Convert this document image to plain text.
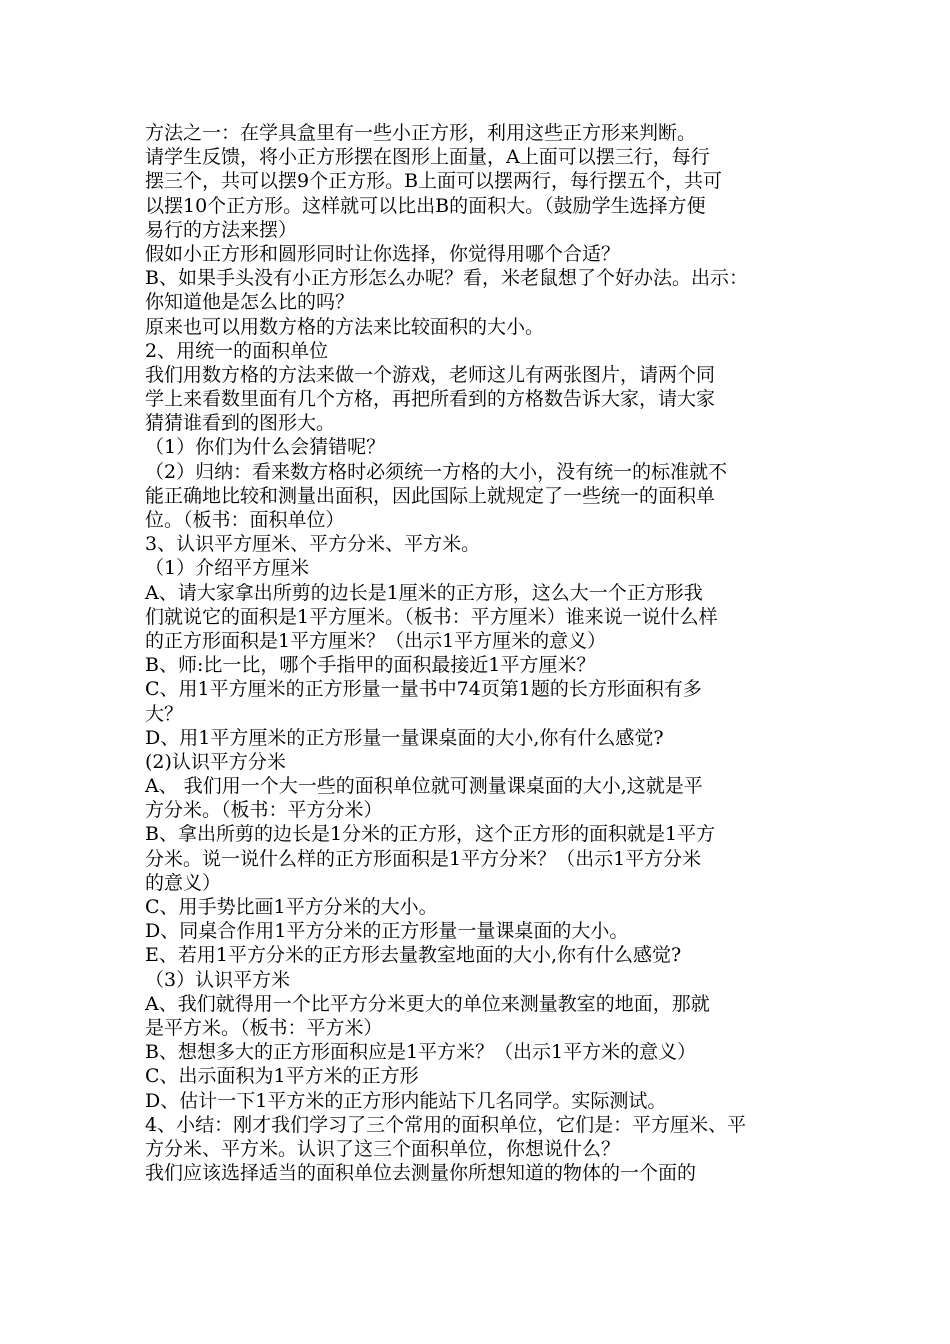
方法之一：在学具盒里有一些小正方形，利用这些正方形来判断。
请学生反馈，将小正方形摆在图形上面量，A上面可以摆三行，每行
摆三个，共可以摆9个正方形。B上面可以摆两行，每行摆五个，共可
以摆10个正方形。这样就可以比出B的面积大。（鼓励学生选择方便
易行的方法来摆）
假如小正方形和圆形同时让你选择，你觉得用哪个合适？
B、如果手头没有小正方形怎么办呢？看，米老鼠想了个好办法。出示：
你知道他是怎么比的吗？
原来也可以用数方格的方法来比较面积的大小。
2、用统一的面积单位
我们用数方格的方法来做一个游戏，老师这儿有两张图片，请两个同
学上来看数里面有几个方格，再把所看到的方格数告诉大家，请大家
猜猜谁看到的图形大。
（1）你们为什么会猜错呢？
（2）归纳：看来数方格时必须统一方格的大小，没有统一的标准就不
能正确地比较和测量出面积，因此国际上就规定了一些统一的面积单
位。（板书：面积单位）
3、认识平方厘米、平方分米、平方米。
（1）介绍平方厘米
A、请大家拿出所剪的边长是1厘米的正方形，这么大一个正方形我
们就说它的面积是1平方厘米。（板书：平方厘米）谁来说一说什么样
的正方形面积是1平方厘米？（出示1平方厘米的意义）
B、师:比一比，哪个手指甲的面积最接近1平方厘米？
C、用1平方厘米的正方形量一量书中74页第1题的长方形面积有多
大？
D、用1平方厘米的正方形量一量课桌面的大小,你有什么感觉?
(2)认识平方分米
A、 我们用一个大一些的面积单位就可测量课桌面的大小,这就是平
方分米。（板书：平方分米）
B、拿出所剪的边长是1分米的正方形，这个正方形的面积就是1平方
分米。说一说什么样的正方形面积是1平方分米？（出示1平方分米
的意义）
C、用手势比画1平方分米的大小。
D、同桌合作用1平方分米的正方形量一量课桌面的大小。
E、若用1平方分米的正方形去量教室地面的大小,你有什么感觉?
（3）认识平方米
A、我们就得用一个比平方分米更大的单位来测量教室的地面，那就
是平方米。（板书：平方米）
B、想想多大的正方形面积应是1平方米？（出示1平方米的意义）
C、出示面积为1平方米的正方形
D、估计一下1平方米的正方形内能站下几名同学。实际测试。
4、小结：刚才我们学习了三个常用的面积单位，它们是：平方厘米、平
方分米、平方米。认识了这三个面积单位，你想说什么？
我们应该选择适当的面积单位去测量你所想知道的物体的一个面的
